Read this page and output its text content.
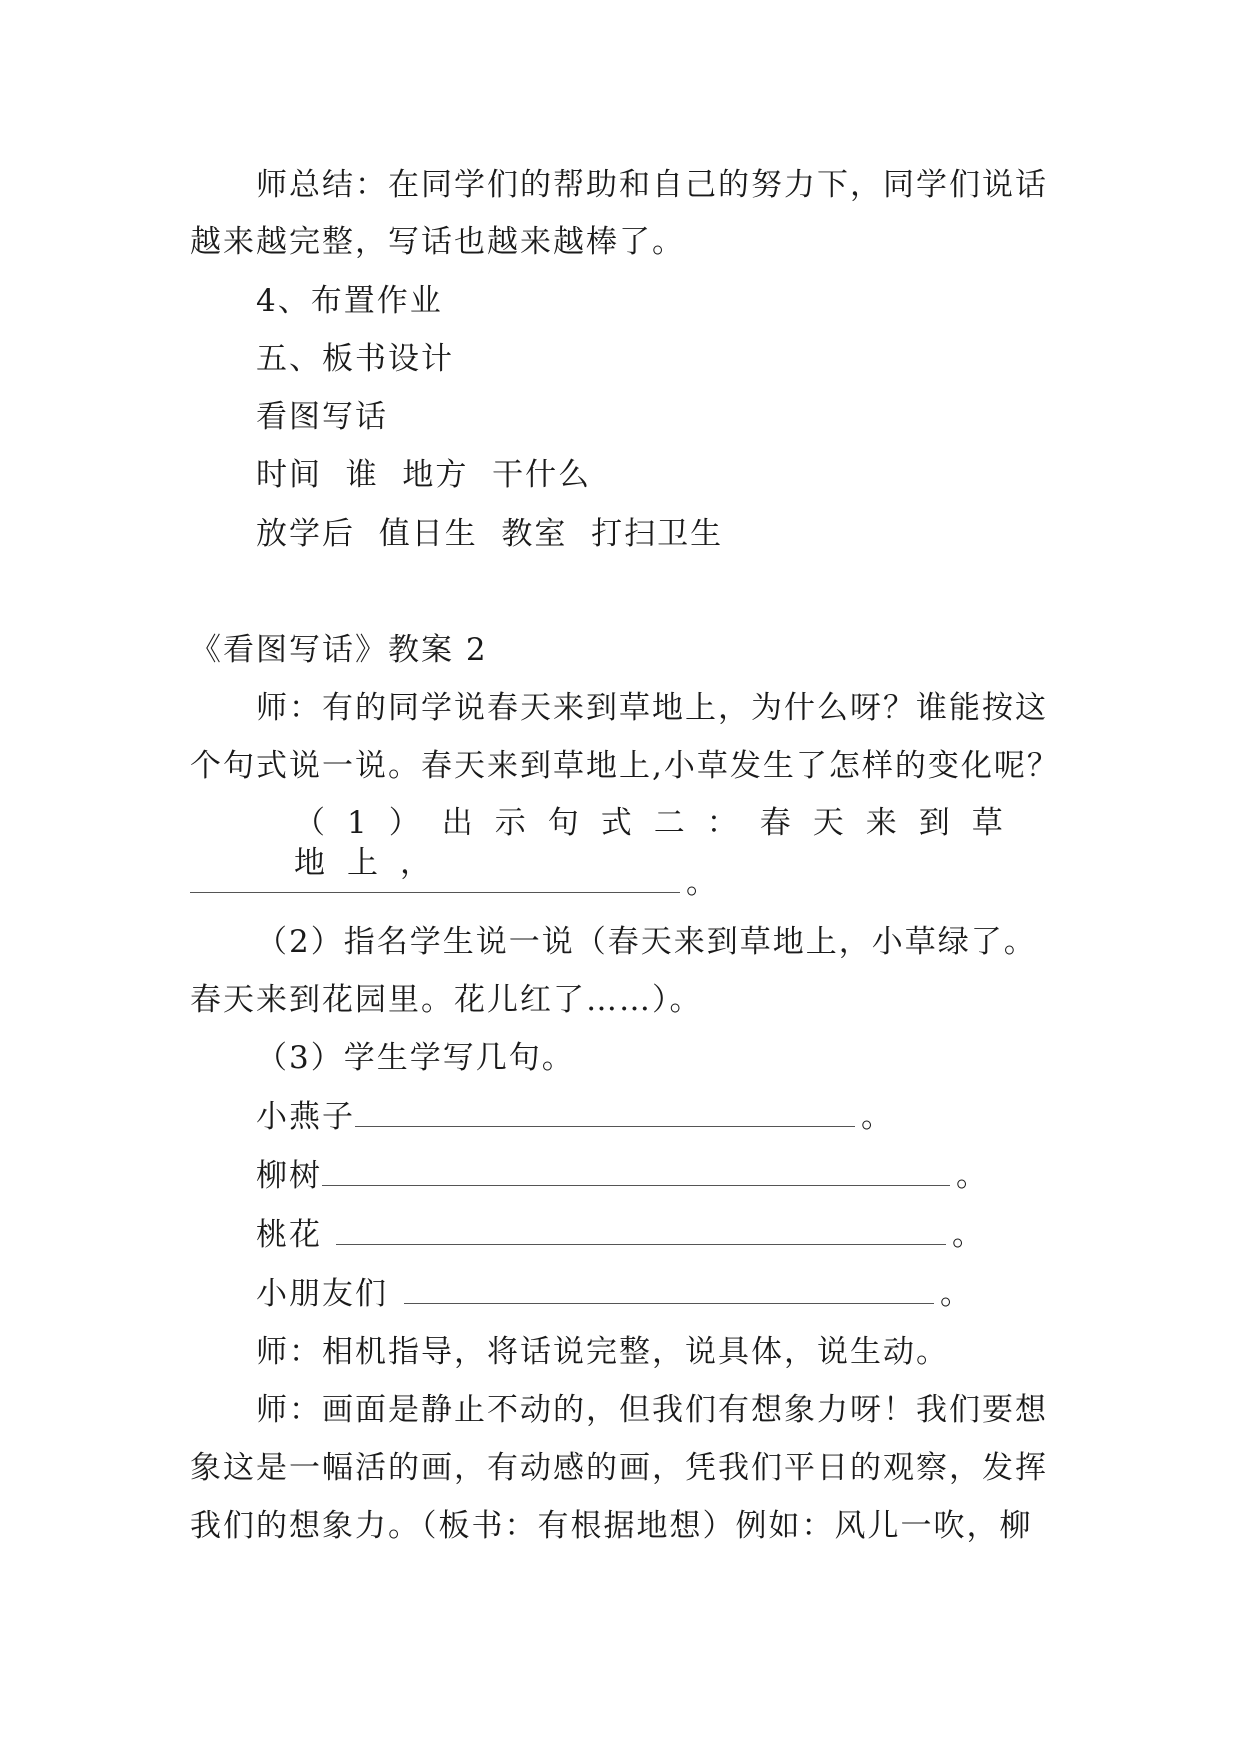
师总结：在同学们的帮助和自己的努力下，同学们说话
越来越完整，写话也越来越棒了。
4、布置作业
五、板书设计
看图写话
时间  谁  地方  干什么
放学后  值日生  教室  打扫卫生
《看图写话》教案 2
师：有的同学说春天来到草地上，为什么呀？谁能按这
个句式说一说。春天来到草地上,小草发生了怎样的变化呢？
（1）出示句式二：春天来到草地上，
。
（2）指名学生说一说（春天来到草地上，小草绿了。
春天来到花园里。花儿红了……）。
（3）学生学写几句。
小燕子	。
柳树	。
桃花	。
小朋友们	。
师：相机指导，将话说完整，说具体，说生动。
师：画面是静止不动的，但我们有想象力呀！我们要想
象这是一幅活的画，有动感的画，凭我们平日的观察，发挥
我们的想象力。（板书：有根据地想）例如：风儿一吹，柳
